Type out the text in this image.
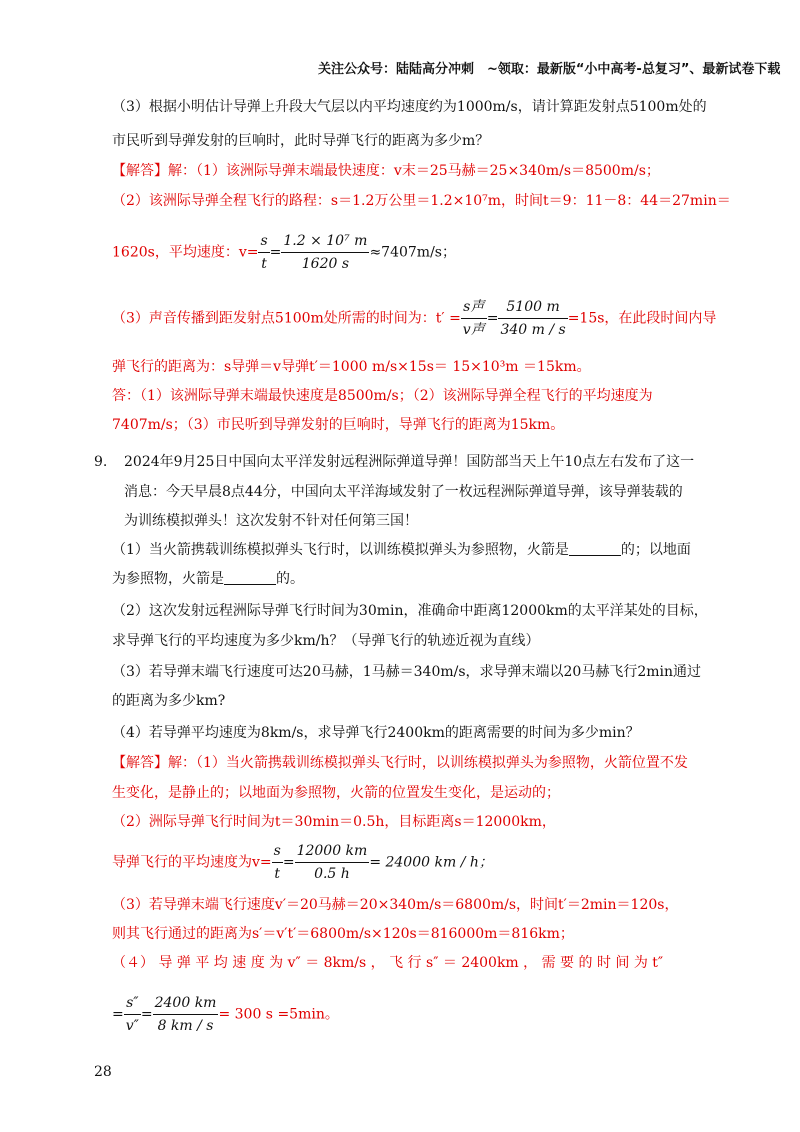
关注公众号：陆陆高分冲刺　~领取：最新版“小中高考-总复习”、最新试卷下载
（3）根据小明估计导弹上升段大气层以内平均速度约为1000m/s，请计算距发射点5100m处的
市民听到导弹发射的巨响时，此时导弹飞行的距离为多少m？
【解答】解：（1）该洲际导弹末端最快速度：v末＝25马赫＝25×340m/s＝8500m/s；
（2）该洲际导弹全程飞行的路程：s＝1.2万公里＝1.2×10⁷m，时间t＝9：11－8：44＝27min＝
1620s，平均速度：$v= \frac{s}{t} = \frac{\text{1.2 × 10⁷ m}}{1620 s} \approx 7407m/s$；
（3）声音传播到距发射点5100m处所需的时间为：$t' = \frac{\text{s声}}{\text{v声}} = \frac{5100 m}{340 m / s} =15s$，在此段时间内导
弹飞行的距离为：s导弹＝v导弹t′＝1000 m/s×15s＝ 15×10³m ＝15km。
答：（1）该洲际导弹末端最快速度是8500m/s；（2）该洲际导弹全程飞行的平均速度为
7407m/s；（3）市民听到导弹发射的巨响时，导弹飞行的距离为15km。
9. 2024年9月25日中国向太平洋发射远程洲际弹道导弹！国防部当天上午10点左右发布了这一
消息：今天早晨8点44分，中国向太平洋海域发射了一枚远程洲际弹道导弹，该导弹装载的
为训练模拟弹头！这次发射不针对任何第三国！
（1）当火箭携载训练模拟弹头飞行时，以训练模拟弹头为参照物，火箭是	的；以地面
为参照物，火箭是	的。
（2）这次发射远程洲际导弹飞行时间为30min，准确命中距离12000km的太平洋某处的目标，
求导弹飞行的平均速度为多少km/h？（导弹飞行的轨迹近视为直线）
（3）若导弹末端飞行速度可达20马赫，1马赫＝340m/s，求导弹末端以20马赫飞行2min通过
的距离为多少km?
（4）若导弹平均速度为8km/s，求导弹飞行2400km的距离需要的时间为多少min？
【解答】解：（1）当火箭携载训练模拟弹头飞行时，以训练模拟弹头为参照物，火箭位置不发
生变化，是静止的；以地面为参照物，火箭的位置发生变化，是运动的；
（2）洲际导弹飞行时间为t＝30min＝0.5h，目标距离s＝12000km，
导弹飞行的平均速度为$v= \frac{s}{t} = \frac{12000 km}{0.5 h} = 24000$ km / h；
（3）若导弹末端飞行速度v′＝20马赫＝20×340m/s＝6800m/s，时间t′＝2min＝120s，
则其飞行通过的距离为s′＝v′t′＝6800m/s×120s＝816000m＝816km；
（４） 导 弹 平 均 速 度 为 v″ ＝ 8km/s ， 飞 行 s″ ＝ 2400km ， 需 要 的 时 间 为 t″
= $\frac{s''}{v''} = \frac{2400 km}{8 km / s} = 300$ s =5min。
28
